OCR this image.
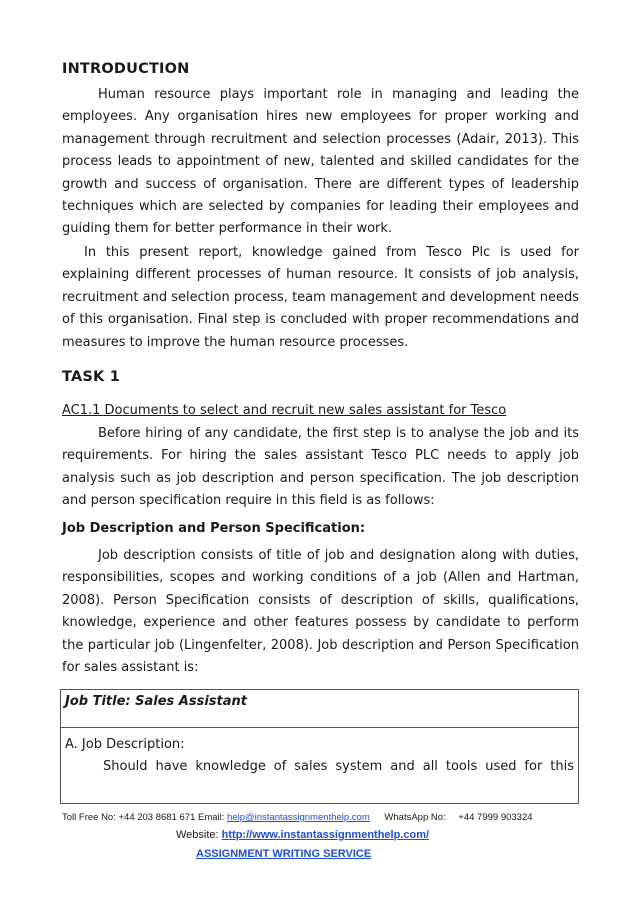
INTRODUCTION

Human resource plays important role in managing and leading the employees. Any organisation hires new employees for proper working and management through recruitment and selection processes (Adair, 2013). This process leads to appointment of new, talented and skilled candidates for the growth and success of organisation. There are different types of leadership techniques which are selected by companies for leading their employees and guiding them for better performance in their work.

In this present report, knowledge gained from Tesco Plc is used for explaining different processes of human resource. It consists of job analysis, recruitment and selection process, team management and development needs of this organisation. Final step is concluded with proper recommendations and measures to improve the human resource processes.

TASK 1
AC1.1 Documents to select and recruit new sales assistant for Tesco

Before hiring of any candidate, the first step is to analyse the job and its requirements. For hiring the sales assistant Tesco PLC needs to apply job analysis such as job description and person specification. The job description and person specification require in this field is as follows:

Job Description and Person Specification:

Job description consists of title of job and designation along with duties, responsibilities, scopes and working conditions of a job (Allen and Hartman, 2008). Person Specification consists of description of skills, qualifications, knowledge, experience and other features possess by candidate to perform the particular job (Lingenfelter, 2008). Job description and Person Specification for sales assistant is:

Job Title: Sales Assistant
A. Job Description:
Should have knowledge of sales system and all tools used for this
Toll Free No: +44 203 8681 671 Email: help@instantassignmenthelp.com WhatsApp No: +44 7999 903324
Website: http://www.instantassignmenthelp.com/
ASSIGNMENT WRITING SERVICE
